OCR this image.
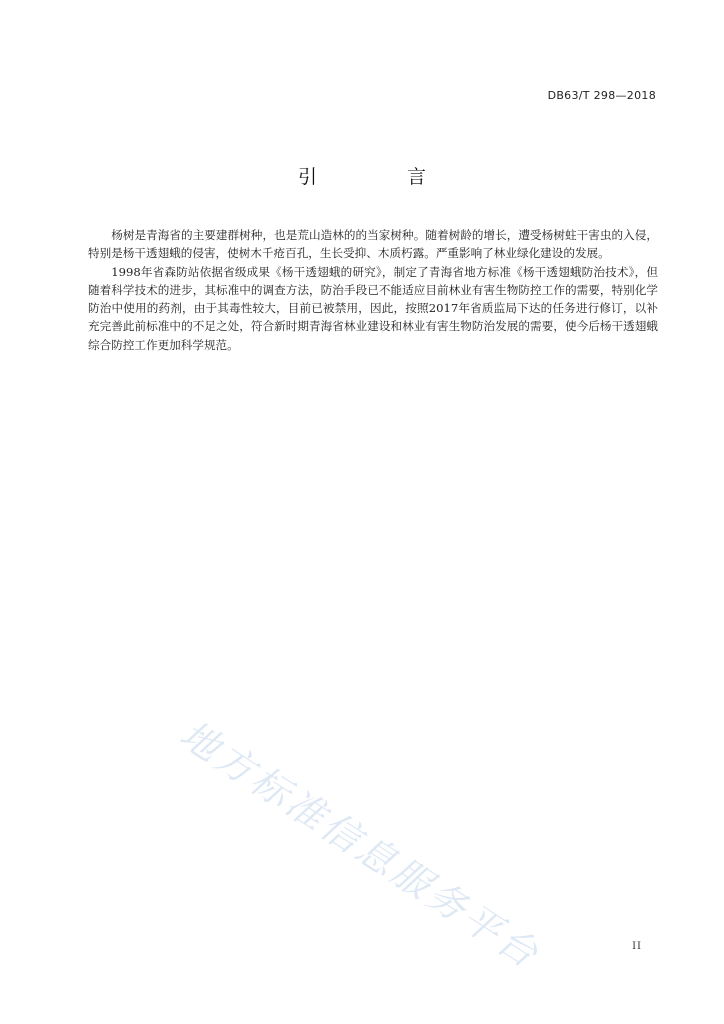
DB63/T 298—2018
引 言

杨树是青海省的主要建群树种，也是荒山造林的的当家树种。随着树龄的增长，遭受杨树蛀干害虫的入侵，特别是杨干透翅蛾的侵害，使树木千疮百孔，生长受抑、木质朽露。严重影响了林业绿化建设的发展。

1998年省森防站依据省级成果《杨干透翅蛾的研究》，制定了青海省地方标准《杨干透翅蛾防治技术》，但随着科学技术的进步，其标准中的调查方法，防治手段已不能适应目前林业有害生物防控工作的需要，特别化学防治中使用的药剂，由于其毒性较大，目前已被禁用，因此，按照2017年省质监局下达的任务进行修订，以补充完善此前标准中的不足之处，符合新时期青海省林业建设和林业有害生物防治发展的需要，使今后杨干透翅蛾综合防控工作更加科学规范。

地方标准信息服务平台	II
